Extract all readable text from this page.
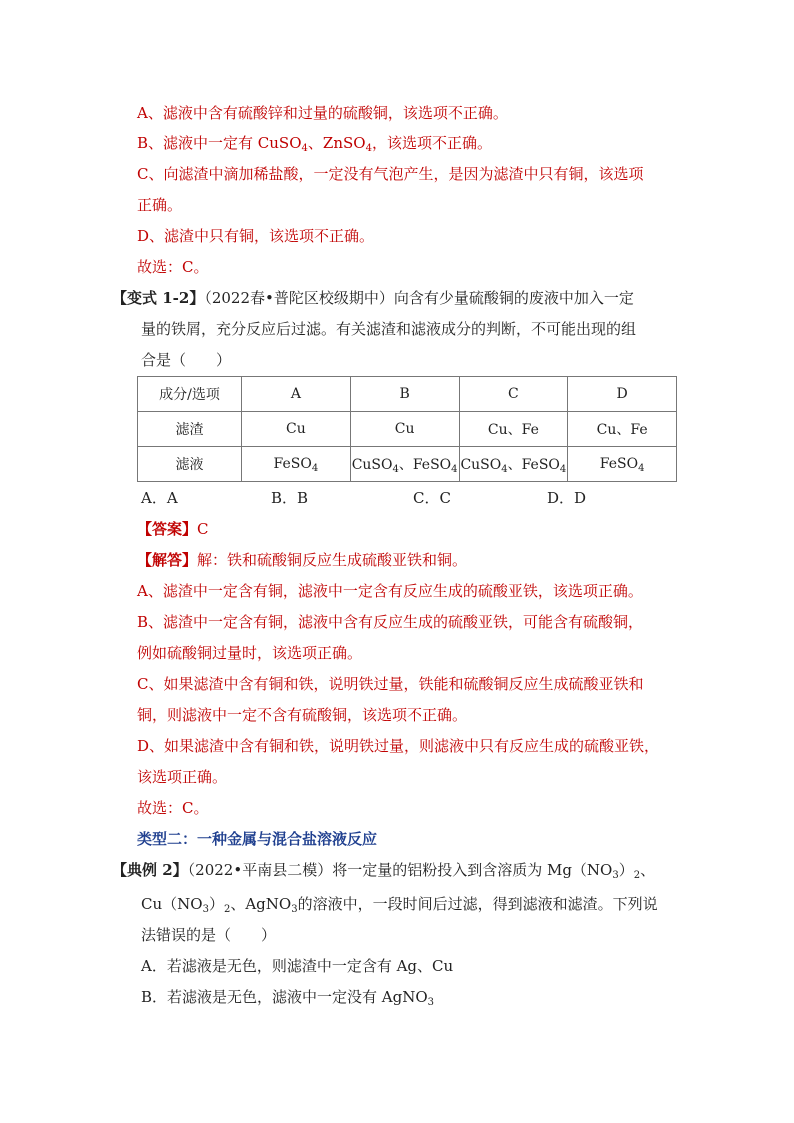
A、滤液中含有硫酸锌和过量的硫酸铜，该选项不正确。
B、滤液中一定有 CuSO$_4$、ZnSO$_4$，该选项不正确。
C、向滤渣中滴加稀盐酸，一定没有气泡产生，是因为滤渣中只有铜，该选项
正确。
D、滤渣中只有铜，该选项不正确。
故选：C。
【变式 1-2】（2022春•普陀区校级期中）向含有少量硫酸铜的废液中加入一定
量的铁屑，充分反应后过滤。有关滤渣和滤液成分的判断，不可能出现的组
合是（　　）
成分/选项	A	B	C	D
滤渣	Cu	Cu	Cu、Fe	Cu、Fe
滤液	FeSO$_4$	CuSO$_4$、FeSO$_4$	CuSO$_4$、FeSO$_4$	FeSO$_4$
A．A	B．B	C．C	D．D
【答案】C
【解答】解：铁和硫酸铜反应生成硫酸亚铁和铜。
A、滤渣中一定含有铜，滤液中一定含有反应生成的硫酸亚铁，该选项正确。
B、滤渣中一定含有铜，滤液中含有反应生成的硫酸亚铁，可能含有硫酸铜，
例如硫酸铜过量时，该选项正确。
C、如果滤渣中含有铜和铁，说明铁过量，铁能和硫酸铜反应生成硫酸亚铁和
铜，则滤液中一定不含有硫酸铜，该选项不正确。
D、如果滤渣中含有铜和铁，说明铁过量，则滤液中只有反应生成的硫酸亚铁，
该选项正确。
故选：C。
类型二：一种金属与混合盐溶液反应
【典例 2】（2022•平南县二模）将一定量的铝粉投入到含溶质为 $Mg(NO_3)_2$、
$Cu(NO_3)_2$、AgNO$_3$的溶液中，一段时间后过滤，得到滤液和滤渣。下列说
法错误的是（　　）
A．若滤液是无色，则滤渣中一定含有 Ag、Cu
B．若滤液是无色，滤液中一定没有 AgNO$_3$
